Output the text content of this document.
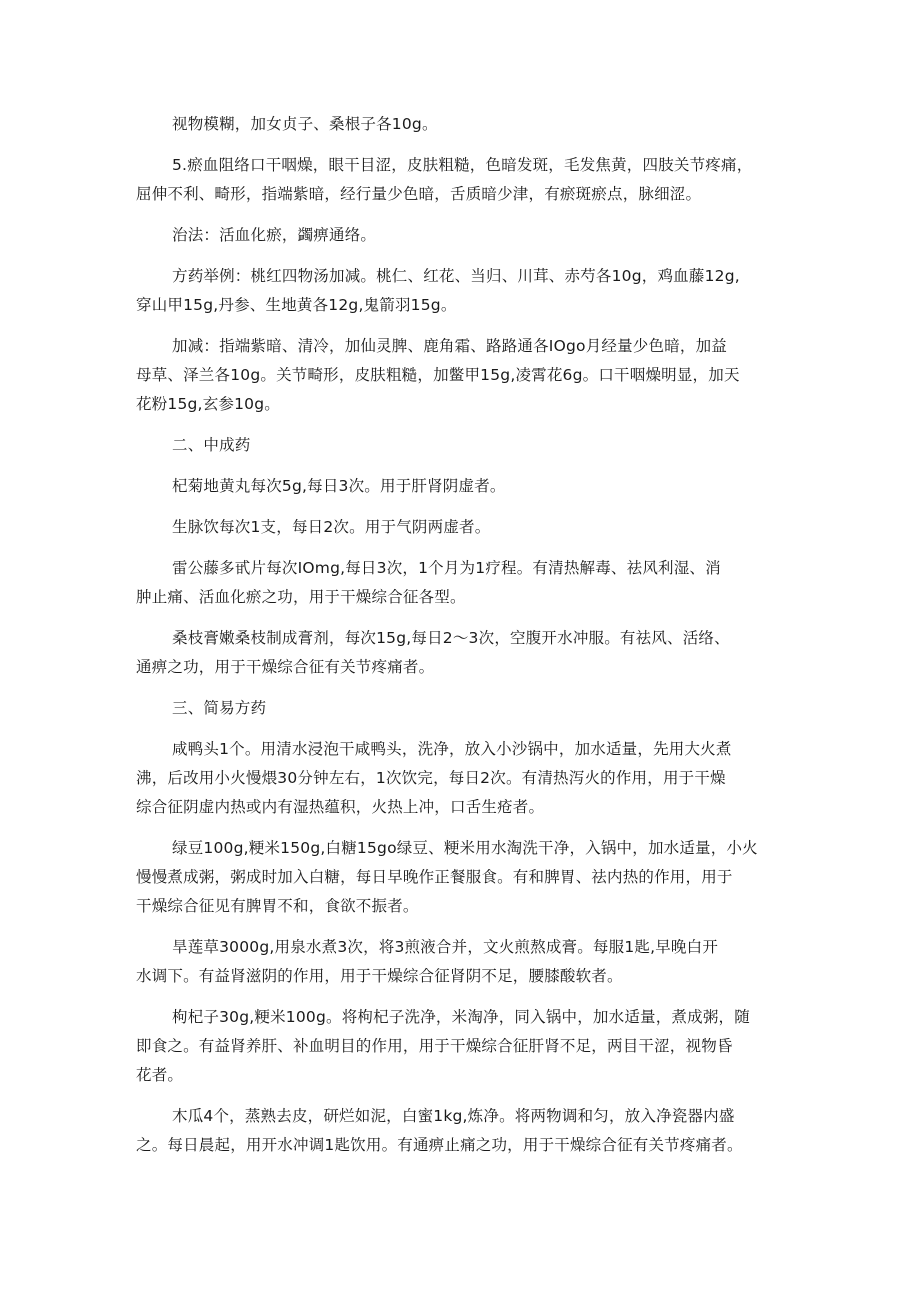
视物模糊，加女贞子、桑根子各10g。

5.瘀血阻络口干咽燥，眼干目涩，皮肤粗糙，色暗发斑，毛发焦黄，四肢关节疼痛，
屈伸不利、畸形，指端紫暗，经行量少色暗，舌质暗少津，有瘀斑瘀点，脉细涩。

治法：活血化瘀，蠲痹通络。

方药举例：桃红四物汤加减。桃仁、红花、当归、川茸、赤芍各10g，鸡血藤12g,
穿山甲15g,丹参、生地黄各12g,鬼箭羽15g。

加减：指端紫暗、清冷，加仙灵脾、鹿角霜、路路通各IOgo月经量少色暗，加益
母草、泽兰各10g。关节畸形，皮肤粗糙，加鳖甲15g,凌霄花6g。口干咽燥明显，加天
花粉15g,玄参10g。

二、中成药

杞菊地黄丸每次5g,每日3次。用于肝肾阴虚者。

生脉饮每次1支，每日2次。用于气阴两虚者。

雷公藤多甙片每次IOmg,每日3次，1个月为1疗程。有清热解毒、祛风利湿、消
肿止痛、活血化瘀之功，用于干燥综合征各型。

桑枝膏嫩桑枝制成膏剂，每次15g,每日2～3次，空腹开水冲服。有祛风、活络、
通痹之功，用于干燥综合征有关节疼痛者。

三、简易方药

咸鸭头1个。用清水浸泡干咸鸭头，洗净，放入小沙锅中，加水适量，先用大火煮
沸，后改用小火慢煨30分钟左右，1次饮完，每日2次。有清热泻火的作用，用于干燥
综合征阴虚内热或内有湿热蕴积，火热上冲，口舌生疮者。

绿豆100g,粳米150g,白糖15go绿豆、粳米用水淘洗干净，入锅中，加水适量，小火
慢慢煮成粥，粥成时加入白糖，每日早晚作正餐服食。有和脾胃、祛内热的作用，用于
干燥综合征见有脾胃不和，食欲不振者。

旱莲草3000g,用泉水煮3次，将3煎液合并，文火煎熬成膏。每服1匙,早晚白开
水调下。有益肾滋阴的作用，用于干燥综合征肾阴不足，腰膝酸软者。

枸杞子30g,粳米100g。将枸杞子洗净，米淘净，同入锅中，加水适量，煮成粥，随
即食之。有益肾养肝、补血明目的作用，用于干燥综合征肝肾不足，两目干涩，视物昏
花者。

木瓜4个，蒸熟去皮，研烂如泥，白蜜1kg,炼净。将两物调和匀，放入净瓷器内盛
之。每日晨起，用开水冲调1匙饮用。有通痹止痛之功，用于干燥综合征有关节疼痛者。
